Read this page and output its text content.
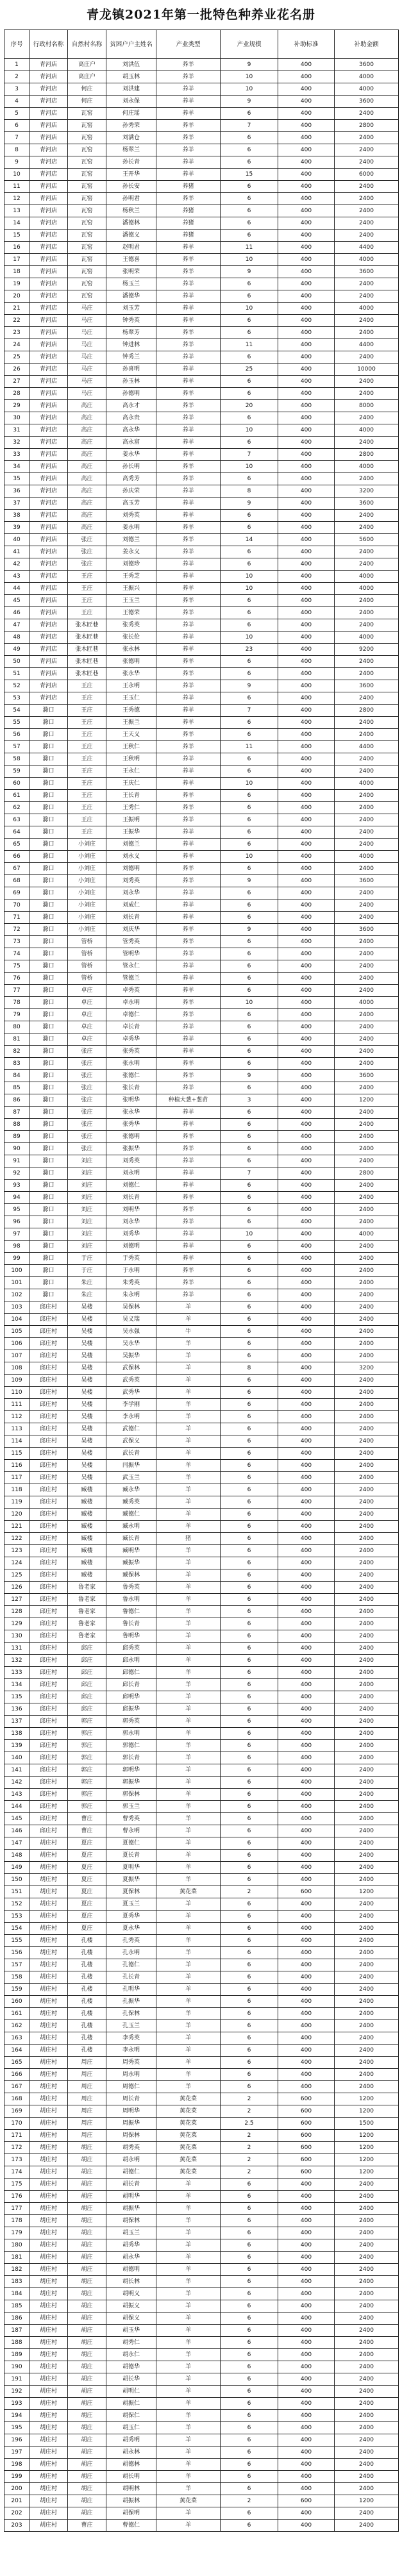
青龙镇2021年第一批特色种养业花名册
序号	行政村名称	自然村名称	贫困户户主姓名	产业类型	产业规模	补助标准	补助金额
1	青河店	高庄户	刘洪伍	养羊	9	400	3600
2	青河店	高庄户	胡玉林	养羊	10	400	4000
3	青河店	何庄	刘洪建	养羊	10	400	4000
4	青河店	何庄	刘永保	养羊	9	400	3600
5	青河店	瓦窑	何庄瑶	养羊	6	400	2400
6	青河店	瓦窑	孙秀荣	养羊	7	400	2800
7	青河店	瓦窑	刘满仓	养羊	6	400	2400
8	青河店	瓦窑	杨翠兰	养羊	6	400	2400
9	青河店	瓦窑	孙长青	养羊	6	400	2400
10	青河店	瓦窑	王开华	养羊	15	400	6000
11	青河店	瓦窑	孙长安	养猪	6	400	2400
12	青河店	瓦窑	孙明君	养羊	6	400	2400
13	青河店	瓦窑	杨秋兰	养猪	6	400	2400
14	青河店	瓦窑	潘德林	养猪	6	400	2400
15	青河店	瓦窑	潘德义	养猪	6	400	2400
16	青河店	瓦窑	赵明君	养羊	11	400	4400
17	青河店	瓦窑	王德喜	养羊	10	400	4000
18	青河店	瓦窑	张明荣	养羊	9	400	3600
19	青河店	瓦窑	杨玉兰	养羊	6	400	2400
20	青河店	瓦窑	潘德华	养羊	6	400	2400
21	青河店	马庄	刘玉芳	养羊	10	400	4000
22	青河店	马庄	钟秀英	养羊	6	400	2400
23	青河店	马庄	杨翠芳	养羊	6	400	2400
24	青河店	马庄	钟进林	养羊	11	400	4400
25	青河店	马庄	钟秀兰	养羊	6	400	2400
26	青河店	马庄	孙喜明	养羊	25	400	10000
27	青河店	马庄	孙玉林	养羊	6	400	2400
28	青河店	马庄	孙德明	养羊	6	400	2400
29	青河店	高庄	高永才	养羊	20	400	8000
30	青河店	高庄	高永贵	养羊	6	400	2400
31	青河店	高庄	高永华	养羊	10	400	4000
32	青河店	高庄	高永富	养羊	6	400	2400
33	青河店	高庄	姜永华	养羊	7	400	2800
34	青河店	高庄	孙长明	养羊	10	400	4000
35	青河店	高庄	高秀芳	养羊	6	400	2400
36	青河店	高庄	孙庆荣	养羊	8	400	3200
37	青河店	高庄	高玉芳	养羊	9	400	3600
38	青河店	高庄	刘秀英	养羊	6	400	2400
39	青河店	高庄	姜永明	养羊	6	400	2400
40	青河店	张庄	刘德兰	养羊	14	400	5600
41	青河店	张庄	姜永义	养羊	6	400	2400
42	青河店	张庄	刘德珍	养羊	6	400	2400
43	青河店	王庄	王秀芝	养羊	10	400	4000
44	青河店	王庄	王振兴	养羊	10	400	4000
45	青河店	王庄	王玉兰	养羊	6	400	2400
46	青河店	王庄	王德荣	养羊	6	400	2400
47	青河店	张木匠巷	张秀英	养羊	6	400	2400
48	青河店	张木匠巷	张长伦	养羊	10	400	4000
49	青河店	张木匠巷	张永林	养羊	23	400	9200
50	青河店	张木匠巷	张德明	养羊	6	400	2400
51	青河店	张木匠巷	张永华	养羊	6	400	2400
52	青河店	王庄	王永明	养羊	9	400	3600
53	青河店	王庄	王玉仁	养羊	6	400	2400
54	滁口	王庄	王秀德	养羊	7	400	2800
55	滁口	王庄	王振兰	养羊	6	400	2400
56	滁口	王庄	王天义	养羊	6	400	2400
57	滁口	王庄	王秋仁	养羊	11	400	4400
58	滁口	王庄	王秋明	养羊	6	400	2400
59	滁口	王庄	王永仁	养羊	6	400	2400
60	滁口	王庄	王庆仁	养羊	10	400	4000
61	滁口	王庄	王长青	养羊	6	400	2400
62	滁口	王庄	王秀仁	养羊	6	400	2400
63	滁口	王庄	王振明	养羊	6	400	2400
64	滁口	王庄	王振华	养羊	6	400	2400
65	滁口	小刘庄	刘德兰	养羊	6	400	2400
66	滁口	小刘庄	刘永义	养羊	10	400	4000
67	滁口	小刘庄	刘德明	养羊	6	400	2400
68	滁口	小刘庄	刘秀英	养羊	9	400	3600
69	滁口	小刘庄	刘永华	养羊	6	400	2400
70	滁口	小刘庄	刘成仁	养羊	6	400	2400
71	滁口	小刘庄	刘长青	养羊	6	400	2400
72	滁口	小刘庄	刘庆华	养羊	9	400	3600
73	滁口	管桥	管秀英	养羊	6	400	2400
74	滁口	管桥	管明华	养羊	6	400	2400
75	滁口	管桥	管永仁	养羊	6	400	2400
76	滁口	管桥	管德兰	养羊	6	400	2400
77	滁口	卓庄	卓秀英	养羊	6	400	2400
78	滁口	卓庄	卓永明	养羊	10	400	4000
79	滁口	卓庄	卓德仁	养羊	6	400	2400
80	滁口	卓庄	卓长青	养羊	6	400	2400
81	滁口	卓庄	卓秀华	养羊	6	400	2400
82	滁口	张庄	张秀英	养羊	6	400	2400
83	滁口	张庄	张永明	养羊	6	400	2400
84	滁口	张庄	张德仁	养羊	9	400	3600
85	滁口	张庄	张长青	养羊	6	400	2400
86	滁口	张庄	张明华	种植大葱+葱苗	3	400	1200
87	滁口	张庄	张永华	养羊	6	400	2400
88	滁口	张庄	张秀华	养羊	6	400	2400
89	滁口	张庄	张德明	养羊	6	400	2400
90	滁口	张庄	张振华	养羊	6	400	2400
91	滁口	刘庄	刘秀英	养羊	6	400	2400
92	滁口	刘庄	刘永明	养羊	7	400	2800
93	滁口	刘庄	刘德仁	养羊	6	400	2400
94	滁口	刘庄	刘长青	养羊	6	400	2400
95	滁口	刘庄	刘明华	养羊	6	400	2400
96	滁口	刘庄	刘永华	养羊	6	400	2400
97	滁口	刘庄	刘秀华	养羊	10	400	4000
98	滁口	刘庄	刘德明	养羊	6	400	2400
99	滁口	于庄	于秀英	养羊	6	400	2400
100	滁口	于庄	于永明	养羊	6	400	2400
101	滁口	朱庄	朱秀英	养羊	6	400	2400
102	滁口	朱庄	朱永明	养羊	6	400	2400
103	邱庄村	吴楼	吴保林	羊	6	400	2400
104	邱庄村	吴楼	吴义瑞	羊	6	400	2400
105	邱庄村	吴楼	吴永强	牛	6	400	2400
106	邱庄村	吴楼	吴永华	羊	6	400	2400
107	邱庄村	吴楼	吴振华	羊	6	400	2400
108	邱庄村	吴楼	武保林	羊	8	400	3200
109	邱庄村	吴楼	武秀英	羊	6	400	2400
110	邱庄村	吴楼	武秀华	羊	6	400	2400
111	邱庄村	吴楼	李学刚	羊	6	400	2400
112	邱庄村	吴楼	李永明	羊	6	400	2400
113	邱庄村	吴楼	武德仁	羊	6	400	2400
114	邱庄村	吴楼	武保义	羊	6	400	2400
115	邱庄村	吴楼	武长青	羊	6	400	2400
116	邱庄村	吴楼	闫振华	羊	6	400	2400
117	邱庄村	吴楼	武玉兰	羊	6	400	2400
118	邱庄村	臧楼	臧永华	羊	6	400	2400
119	邱庄村	臧楼	臧秀英	羊	6	400	2400
120	邱庄村	臧楼	臧德仁	羊	6	400	2400
121	邱庄村	臧楼	臧永明	羊	6	400	2400
122	邱庄村	臧楼	臧长青	猪	6	400	2400
123	邱庄村	臧楼	臧明华	羊	6	400	2400
124	邱庄村	臧楼	臧振华	羊	6	400	2400
125	邱庄村	臧楼	臧保林	羊	6	400	2400
126	邱庄村	鲁老家	鲁秀英	羊	6	400	2400
127	邱庄村	鲁老家	鲁永明	羊	6	400	2400
128	邱庄村	鲁老家	鲁德仁	羊	6	400	2400
129	邱庄村	鲁老家	鲁长青	羊	6	400	2400
130	邱庄村	鲁老家	鲁明华	羊	6	400	2400
131	邱庄村	邱庄	邱秀英	羊	6	400	2400
132	邱庄村	邱庄	邱永明	羊	6	400	2400
133	邱庄村	邱庄	邱德仁	羊	6	400	2400
134	邱庄村	邱庄	邱长青	羊	6	400	2400
135	邱庄村	邱庄	邱明华	羊	6	400	2400
136	邱庄村	邱庄	邱振华	羊	6	400	2400
137	邱庄村	郭庄	郭秀英	羊	6	400	2400
138	邱庄村	郭庄	郭永明	羊	6	400	2400
139	邱庄村	郭庄	郭德仁	羊	6	400	2400
140	邱庄村	郭庄	郭长青	羊	6	400	2400
141	邱庄村	郭庄	郭明华	羊	6	400	2400
142	邱庄村	郭庄	郭振华	羊	6	400	2400
143	邱庄村	郭庄	郭保林	羊	6	400	2400
144	邱庄村	郭庄	郭玉兰	羊	6	400	2400
145	邱庄村	曹庄	曹秀英	羊	6	400	2400
146	邱庄村	曹庄	曹永明	羊	6	400	2400
147	胡庄村	夏庄	夏德仁	羊	6	400	2400
148	胡庄村	夏庄	夏长青	羊	6	400	2400
149	胡庄村	夏庄	夏明华	羊	6	400	2400
150	胡庄村	夏庄	夏振华	羊	6	400	2400
151	胡庄村	夏庄	夏保林	黄花菜	2	600	1200
152	胡庄村	夏庄	夏玉兰	羊	6	400	2400
153	胡庄村	夏庄	夏秀华	羊	6	400	2400
154	胡庄村	夏庄	夏永华	羊	6	400	2400
155	胡庄村	孔楼	孔秀英	羊	6	400	2400
156	胡庄村	孔楼	孔永明	羊	6	400	2400
157	胡庄村	孔楼	孔德仁	羊	6	400	2400
158	胡庄村	孔楼	孔长青	羊	6	400	2400
159	胡庄村	孔楼	孔明华	羊	6	400	2400
160	胡庄村	孔楼	孔振华	羊	6	400	2400
161	胡庄村	孔楼	孔保林	羊	6	400	2400
162	胡庄村	孔楼	孔玉兰	羊	6	400	2400
163	胡庄村	孔楼	李秀英	羊	6	400	2400
164	胡庄村	孔楼	李永明	羊	6	400	2400
165	胡庄村	周庄	周秀英	羊	6	400	2400
166	胡庄村	周庄	周永明	羊	6	400	2400
167	胡庄村	周庄	周德仁	羊	6	400	2400
168	胡庄村	周庄	周长青	黄花菜	2	600	1200
169	胡庄村	周庄	周明华	黄花菜	2	600	1200
170	胡庄村	周庄	周振华	黄花菜	2.5	600	1500
171	胡庄村	周庄	周保林	黄花菜	2	600	1200
172	胡庄村	胡庄	胡秀英	黄花菜	2	600	1200
173	胡庄村	胡庄	胡永明	黄花菜	2	600	1200
174	胡庄村	胡庄	胡德仁	黄花菜	2	600	1200
175	胡庄村	胡庄	胡长青	羊	6	400	2400
176	胡庄村	胡庄	胡明华	羊	6	400	2400
177	胡庄村	胡庄	胡振华	羊	6	400	2400
178	胡庄村	胡庄	胡保林	羊	6	400	2400
179	胡庄村	胡庄	胡玉兰	羊	6	400	2400
180	胡庄村	胡庄	胡秀华	羊	6	400	2400
181	胡庄村	胡庄	胡永华	羊	6	400	2400
182	胡庄村	胡庄	胡德明	羊	6	400	2400
183	胡庄村	胡庄	胡长林	羊	6	400	2400
184	胡庄村	胡庄	胡明义	羊	6	400	2400
185	胡庄村	胡庄	胡振义	羊	6	400	2400
186	胡庄村	胡庄	胡保义	羊	6	400	2400
187	胡庄村	胡庄	胡玉华	羊	6	400	2400
188	胡庄村	胡庄	胡秀仁	羊	6	400	2400
189	胡庄村	胡庄	胡永仁	羊	6	400	2400
190	胡庄村	胡庄	胡德华	羊	6	400	2400
191	胡庄村	胡庄	胡长华	羊	6	400	2400
192	胡庄村	胡庄	胡明仁	羊	6	400	2400
193	胡庄村	胡庄	胡振仁	羊	6	400	2400
194	胡庄村	胡庄	胡保仁	羊	6	400	2400
195	胡庄村	胡庄	胡玉仁	羊	6	400	2400
196	胡庄村	胡庄	胡秀明	羊	6	400	2400
197	胡庄村	胡庄	胡永林	羊	6	400	2400
198	胡庄村	胡庄	胡德林	羊	6	400	2400
199	胡庄村	胡庄	胡长明	羊	6	400	2400
200	胡庄村	胡庄	胡明林	羊	6	400	2400
201	胡庄村	胡庄	胡振林	黄花菜	2	600	1200
202	胡庄村	胡庄	胡保明	羊	6	400	2400
203	胡庄村	曹庄	曹德仁	羊	6	400	2400
